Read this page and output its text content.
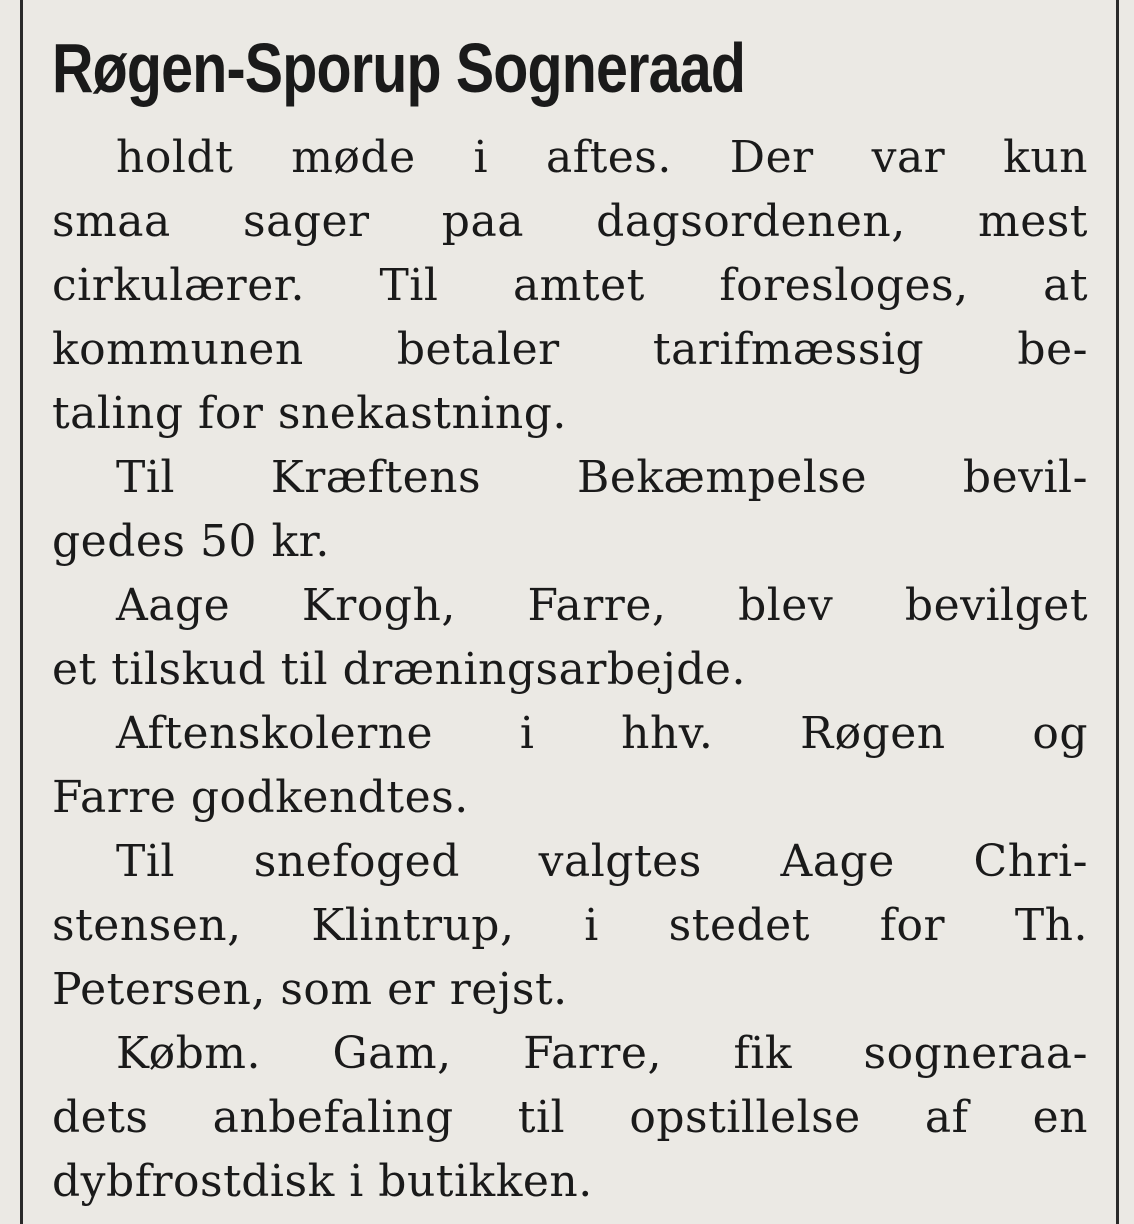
Røgen-Sporup Sogneraad
holdt møde i aftes. Der var kun
smaa sager paa dagsordenen, mest
cirkulærer. Til amtet foresloges, at
kommunen betaler tarifmæssig be-
taling for snekastning.
Til Kræftens Bekæmpelse bevil-
gedes 50 kr.
Aage Krogh, Farre, blev bevilget
et tilskud til dræningsarbejde.
Aftenskolerne i hhv. Røgen og
Farre godkendtes.
Til snefoged valgtes Aage Chri-
stensen, Klintrup, i stedet for Th.
Petersen, som er rejst.
Købm. Gam, Farre, fik sogneraa-
dets anbefaling til opstillelse af en
dybfrostdisk i butikken.
